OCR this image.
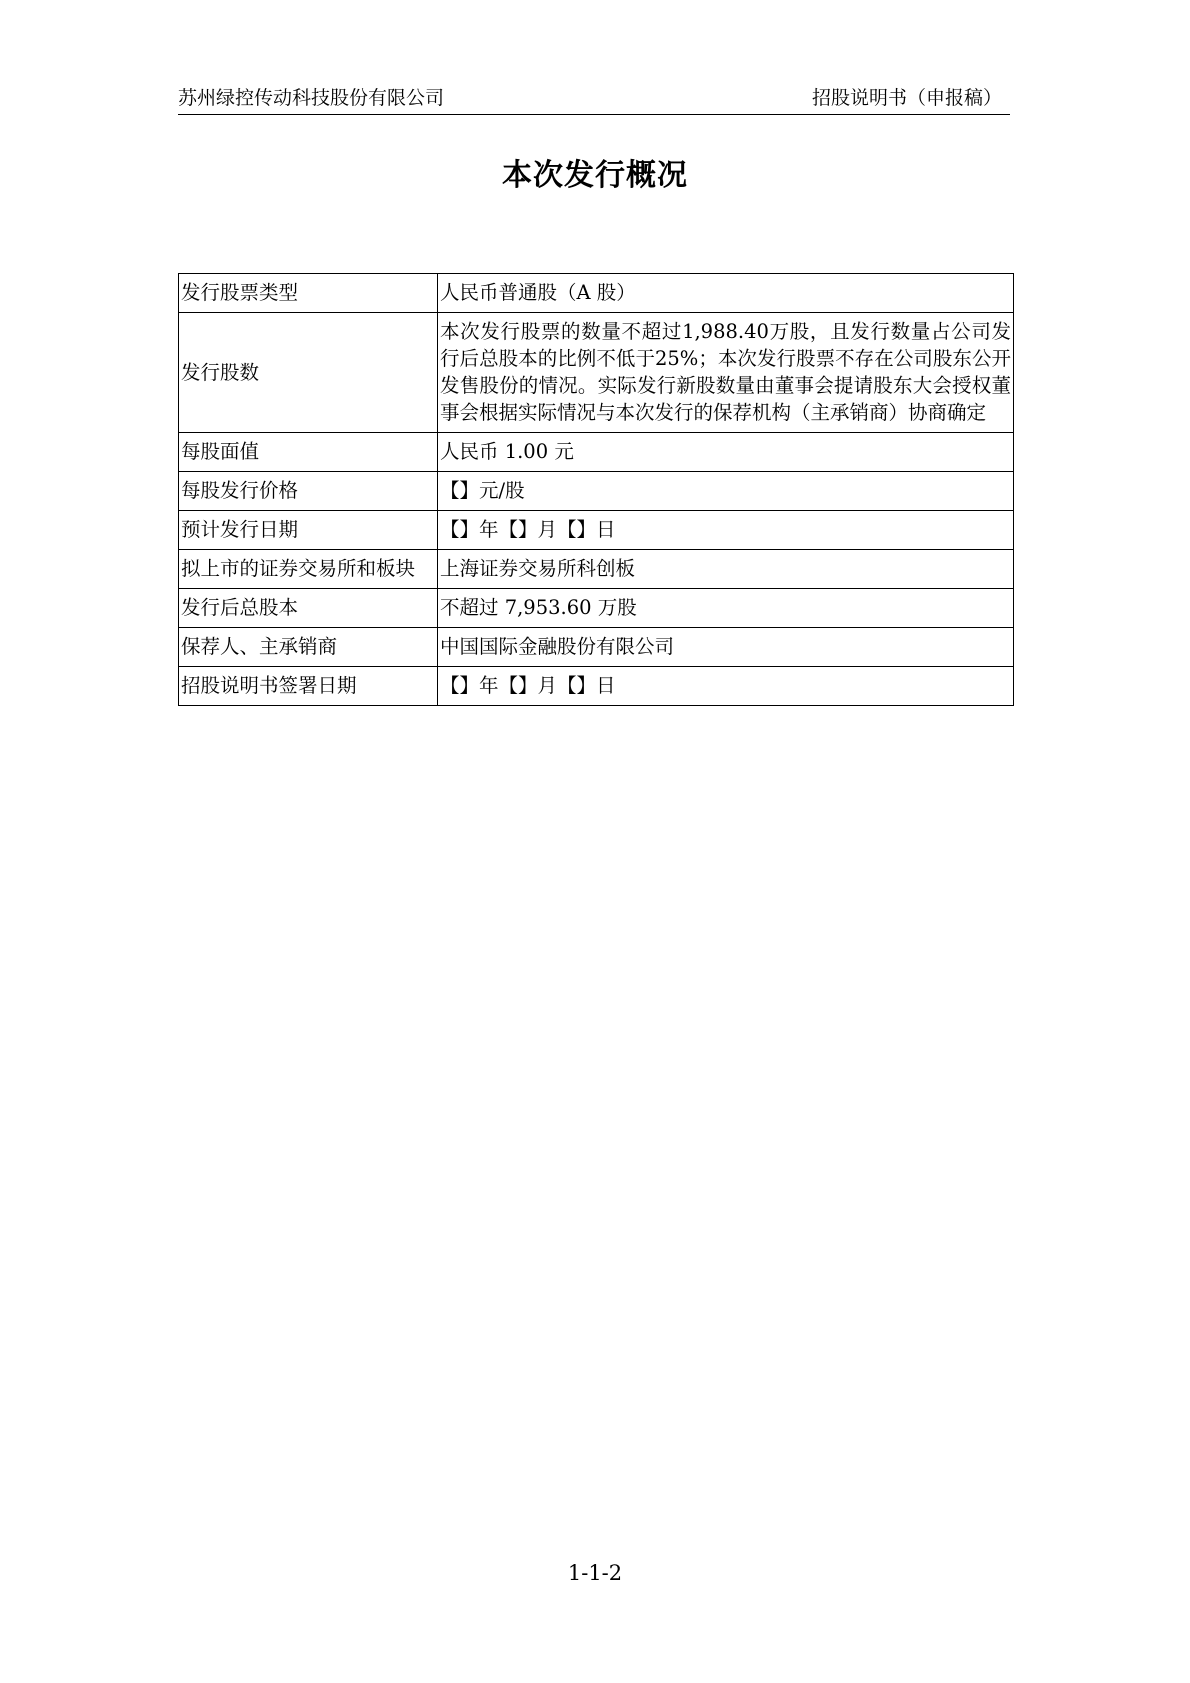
苏州绿控传动科技股份有限公司	招股说明书（申报稿）
本次发行概况
发行股票类型	人民币普通股（A 股）
发行股数	本次发行股票的数量不超过1,988.40万股，且发行数量占公司发行后总股本的比例不低于25%；本次发行股票不存在公司股东公开发售股份的情况。实际发行新股数量由董事会提请股东大会授权董事会根据实际情况与本次发行的保荐机构（主承销商）协商确定
每股面值	人民币 1.00 元
每股发行价格	【】元/股
预计发行日期	【】年【】月【】日
拟上市的证券交易所和板块	上海证券交易所科创板
发行后总股本	不超过 7,953.60 万股
保荐人、主承销商	中国国际金融股份有限公司
招股说明书签署日期	【】年【】月【】日
1-1-2
